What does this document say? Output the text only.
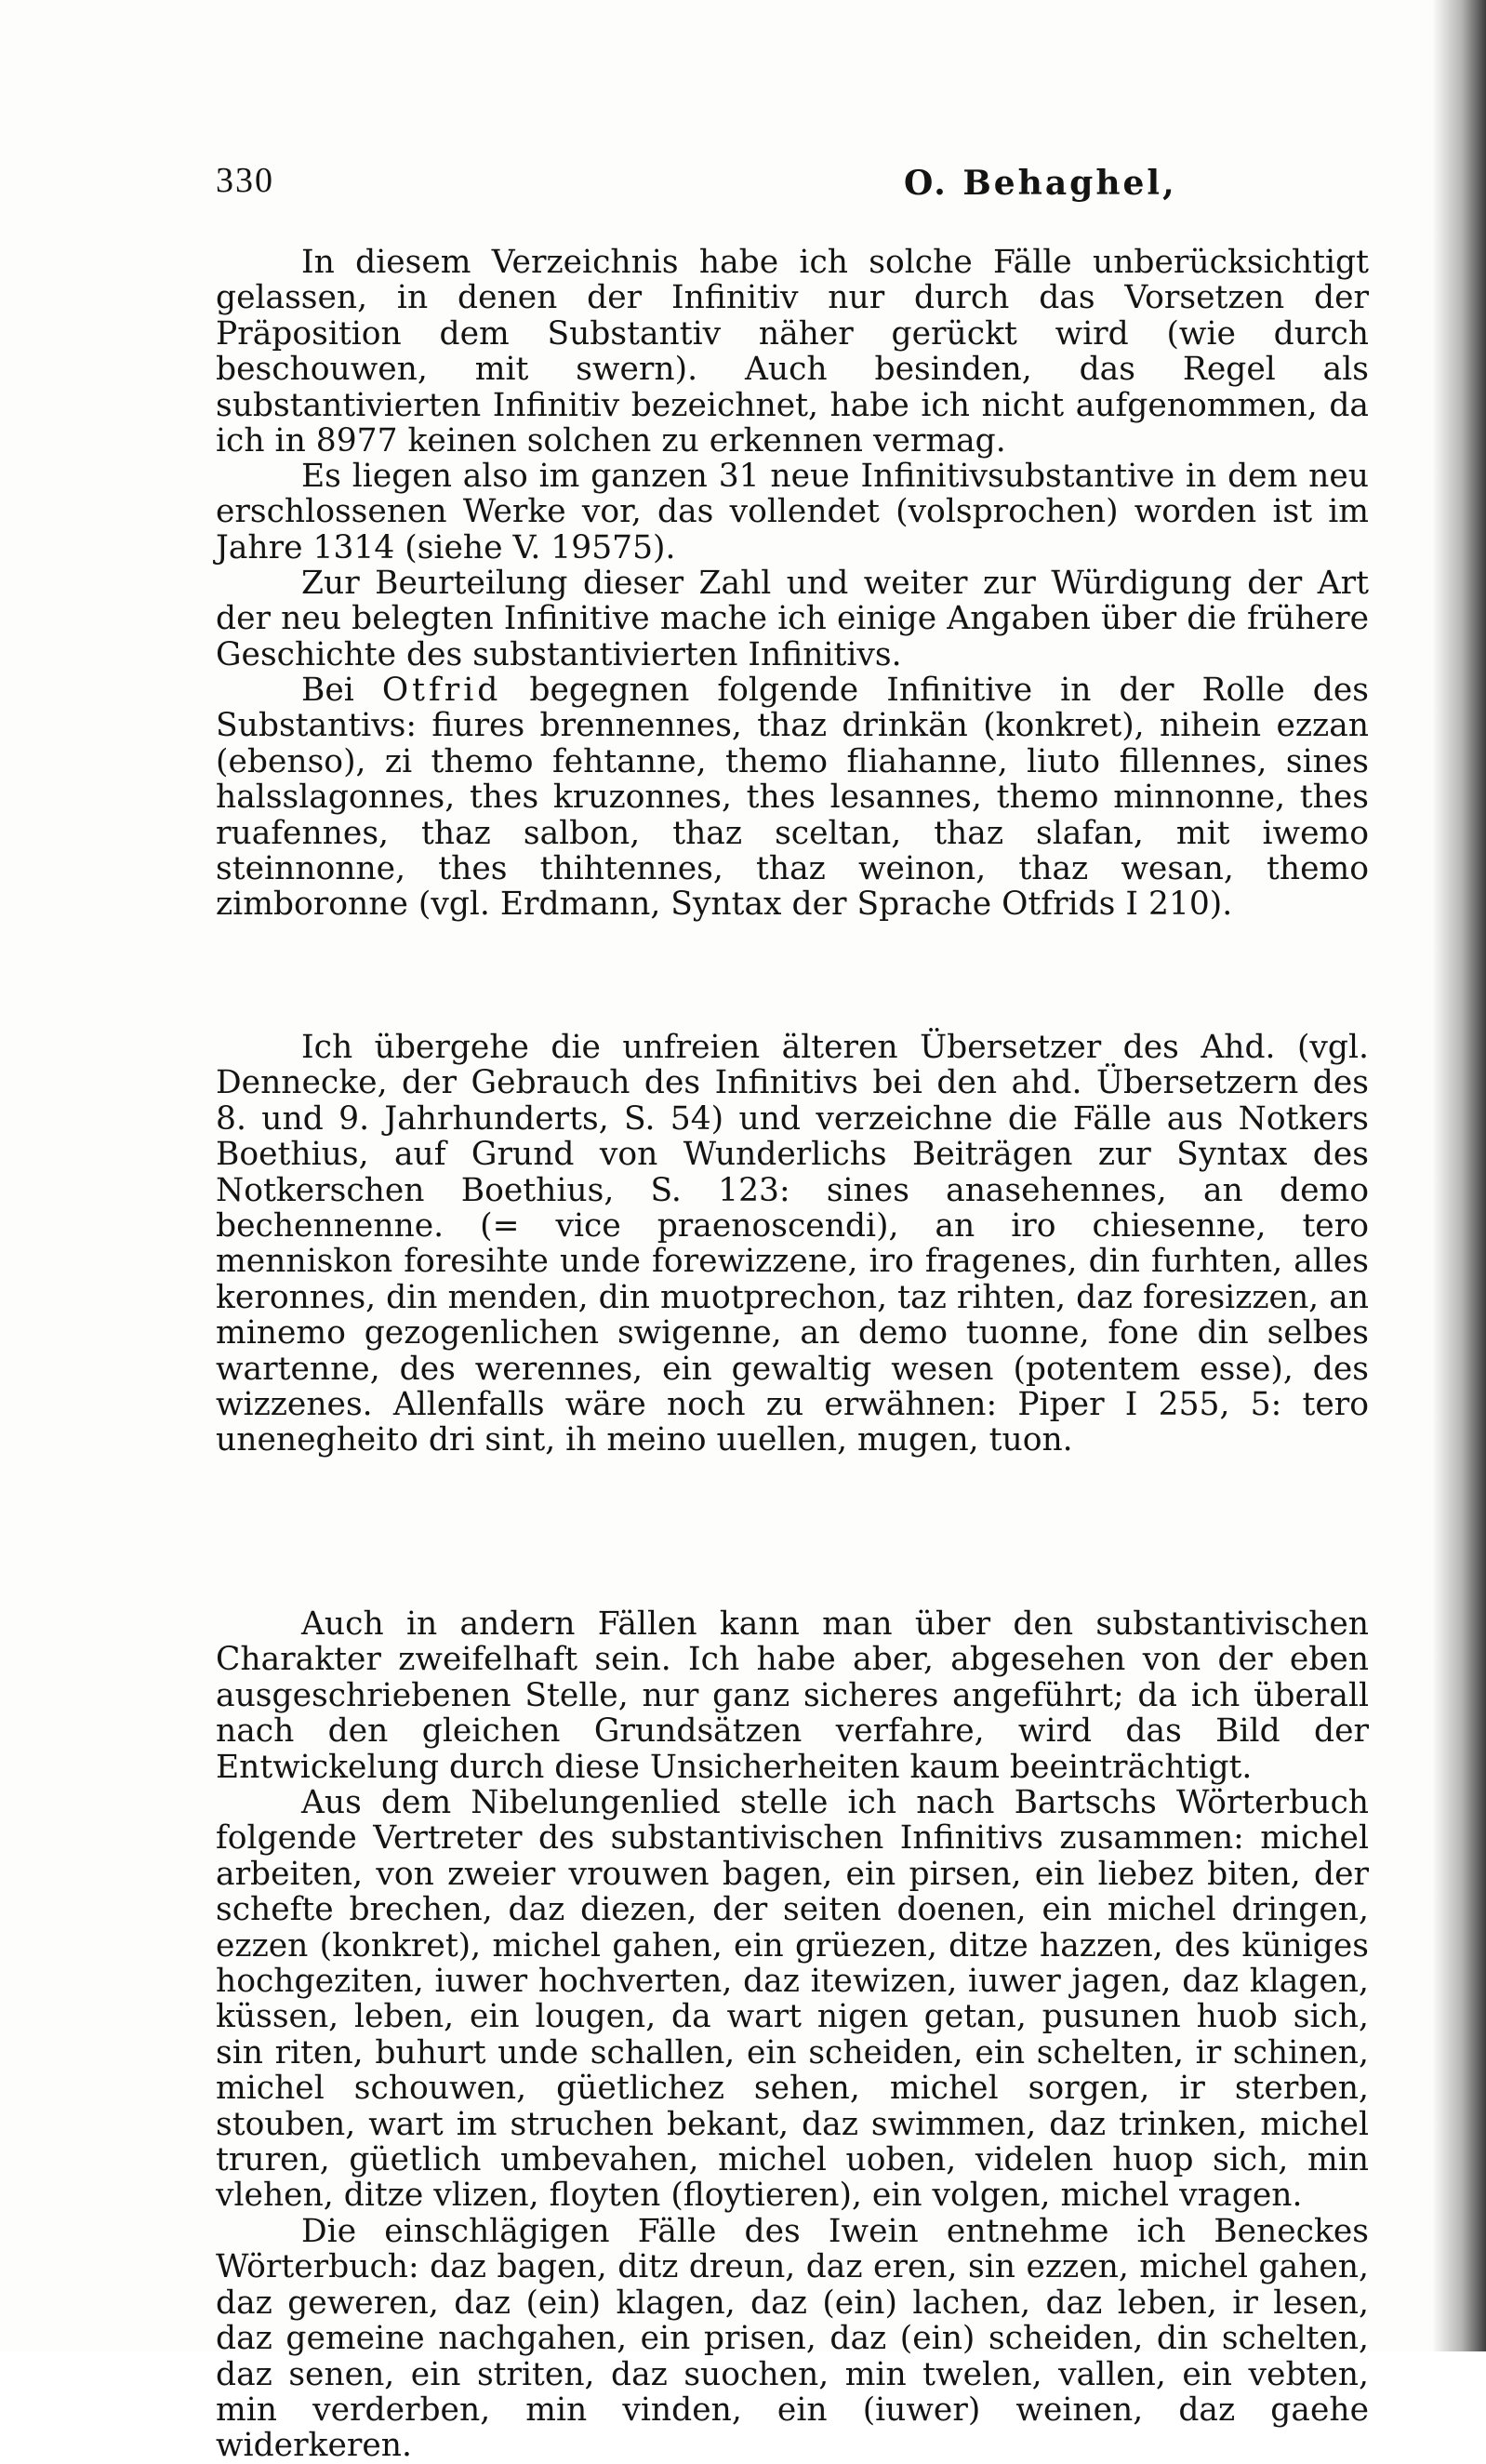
330	O. Behaghel,

In diesem Verzeichnis habe ich solche Fälle unberücksichtigt gelassen, in denen der Infinitiv nur durch das Vorsetzen der Präposition dem Substantiv näher gerückt wird (wie durch beschouwen, mit swern). Auch besinden, das Regel als substantivierten Infinitiv bezeichnet, habe ich nicht aufgenommen, da ich in 8977 keinen solchen zu erkennen vermag.

Es liegen also im ganzen 31 neue Infinitivsubstantive in dem neu erschlossenen Werke vor, das vollendet (volsprochen) worden ist im Jahre 1314 (siehe V. 19575).

Zur Beurteilung dieser Zahl und weiter zur Würdigung der Art der neu belegten Infinitive mache ich einige Angaben über die frühere Geschichte des substantivierten Infinitivs.

Bei Otfrid begegnen folgende Infinitive in der Rolle des Substantivs: fiures brennennes, thaz drinkän (konkret), nihein ezzan (ebenso), zi themo fehtanne, themo fliahanne, liuto fillennes, sines halsslagonnes, thes kruzonnes, thes lesannes, themo minnonne, thes ruafennes, thaz salbon, thaz sceltan, thaz slafan, mit iwemo steinnonne, thes thihtennes, thaz weinon, thaz wesan, themo zimboronne (vgl. Erdmann, Syntax der Sprache Otfrids I 210).

Ich übergehe die unfreien älteren Übersetzer des Ahd. (vgl. Dennecke, der Gebrauch des Infinitivs bei den ahd. Übersetzern des 8. und 9. Jahrhunderts, S. 54) und verzeichne die Fälle aus Notkers Boethius, auf Grund von Wunderlichs Beiträgen zur Syntax des Notkerschen Boethius, S. 123: sines anasehennes, an demo bechennenne. (= vice praenoscendi), an iro chiesenne, tero menniskon foresihte unde forewizzene, iro fragenes, din furhten, alles keronnes, din menden, din muotprechon, taz rihten, daz foresizzen, an minemo gezogenlichen swigenne, an demo tuonne, fone din selbes wartenne, des werennes, ein gewaltig wesen (potentem esse), des wizzenes. Allenfalls wäre noch zu erwähnen: Piper I 255, 5: tero unenegheito dri sint, ih meino uuellen, mugen, tuon.

Auch in andern Fällen kann man über den substantivischen Charakter zweifelhaft sein. Ich habe aber, abgesehen von der eben ausgeschriebenen Stelle, nur ganz sicheres angeführt; da ich überall nach den gleichen Grundsätzen verfahre, wird das Bild der Entwickelung durch diese Unsicherheiten kaum beeinträchtigt.

Aus dem Nibelungenlied stelle ich nach Bartschs Wörterbuch folgende Vertreter des substantivischen Infinitivs zusammen: michel arbeiten, von zweier vrouwen bagen, ein pirsen, ein liebez biten, der schefte brechen, daz diezen, der seiten doenen, ein michel dringen, ezzen (konkret), michel gahen, ein grüezen, ditze hazzen, des küniges hochgeziten, iuwer hochverten, daz itewizen, iuwer jagen, daz klagen, küssen, leben, ein lougen, da wart nigen getan, pusunen huob sich, sin riten, buhurt unde schallen, ein scheiden, ein schelten, ir schinen, michel schouwen, güetlichez sehen, michel sorgen, ir sterben, stouben, wart im struchen bekant, daz swimmen, daz trinken, michel truren, güetlich umbevahen, michel uoben, videlen huop sich, min vlehen, ditze vlizen, floyten (floytieren), ein volgen, michel vragen.

Die einschlägigen Fälle des Iwein entnehme ich Beneckes Wörterbuch: daz bagen, ditz dreun, daz eren, sin ezzen, michel gahen, daz geweren, daz (ein) klagen, daz (ein) lachen, daz leben, ir lesen, daz gemeine nachgahen, ein prisen, daz (ein) scheiden, din schelten, daz senen, ein striten, daz suochen, min twelen, vallen, ein vebten, min verderben, min vinden, ein (iuwer) weinen, daz gaehe widerkeren.
